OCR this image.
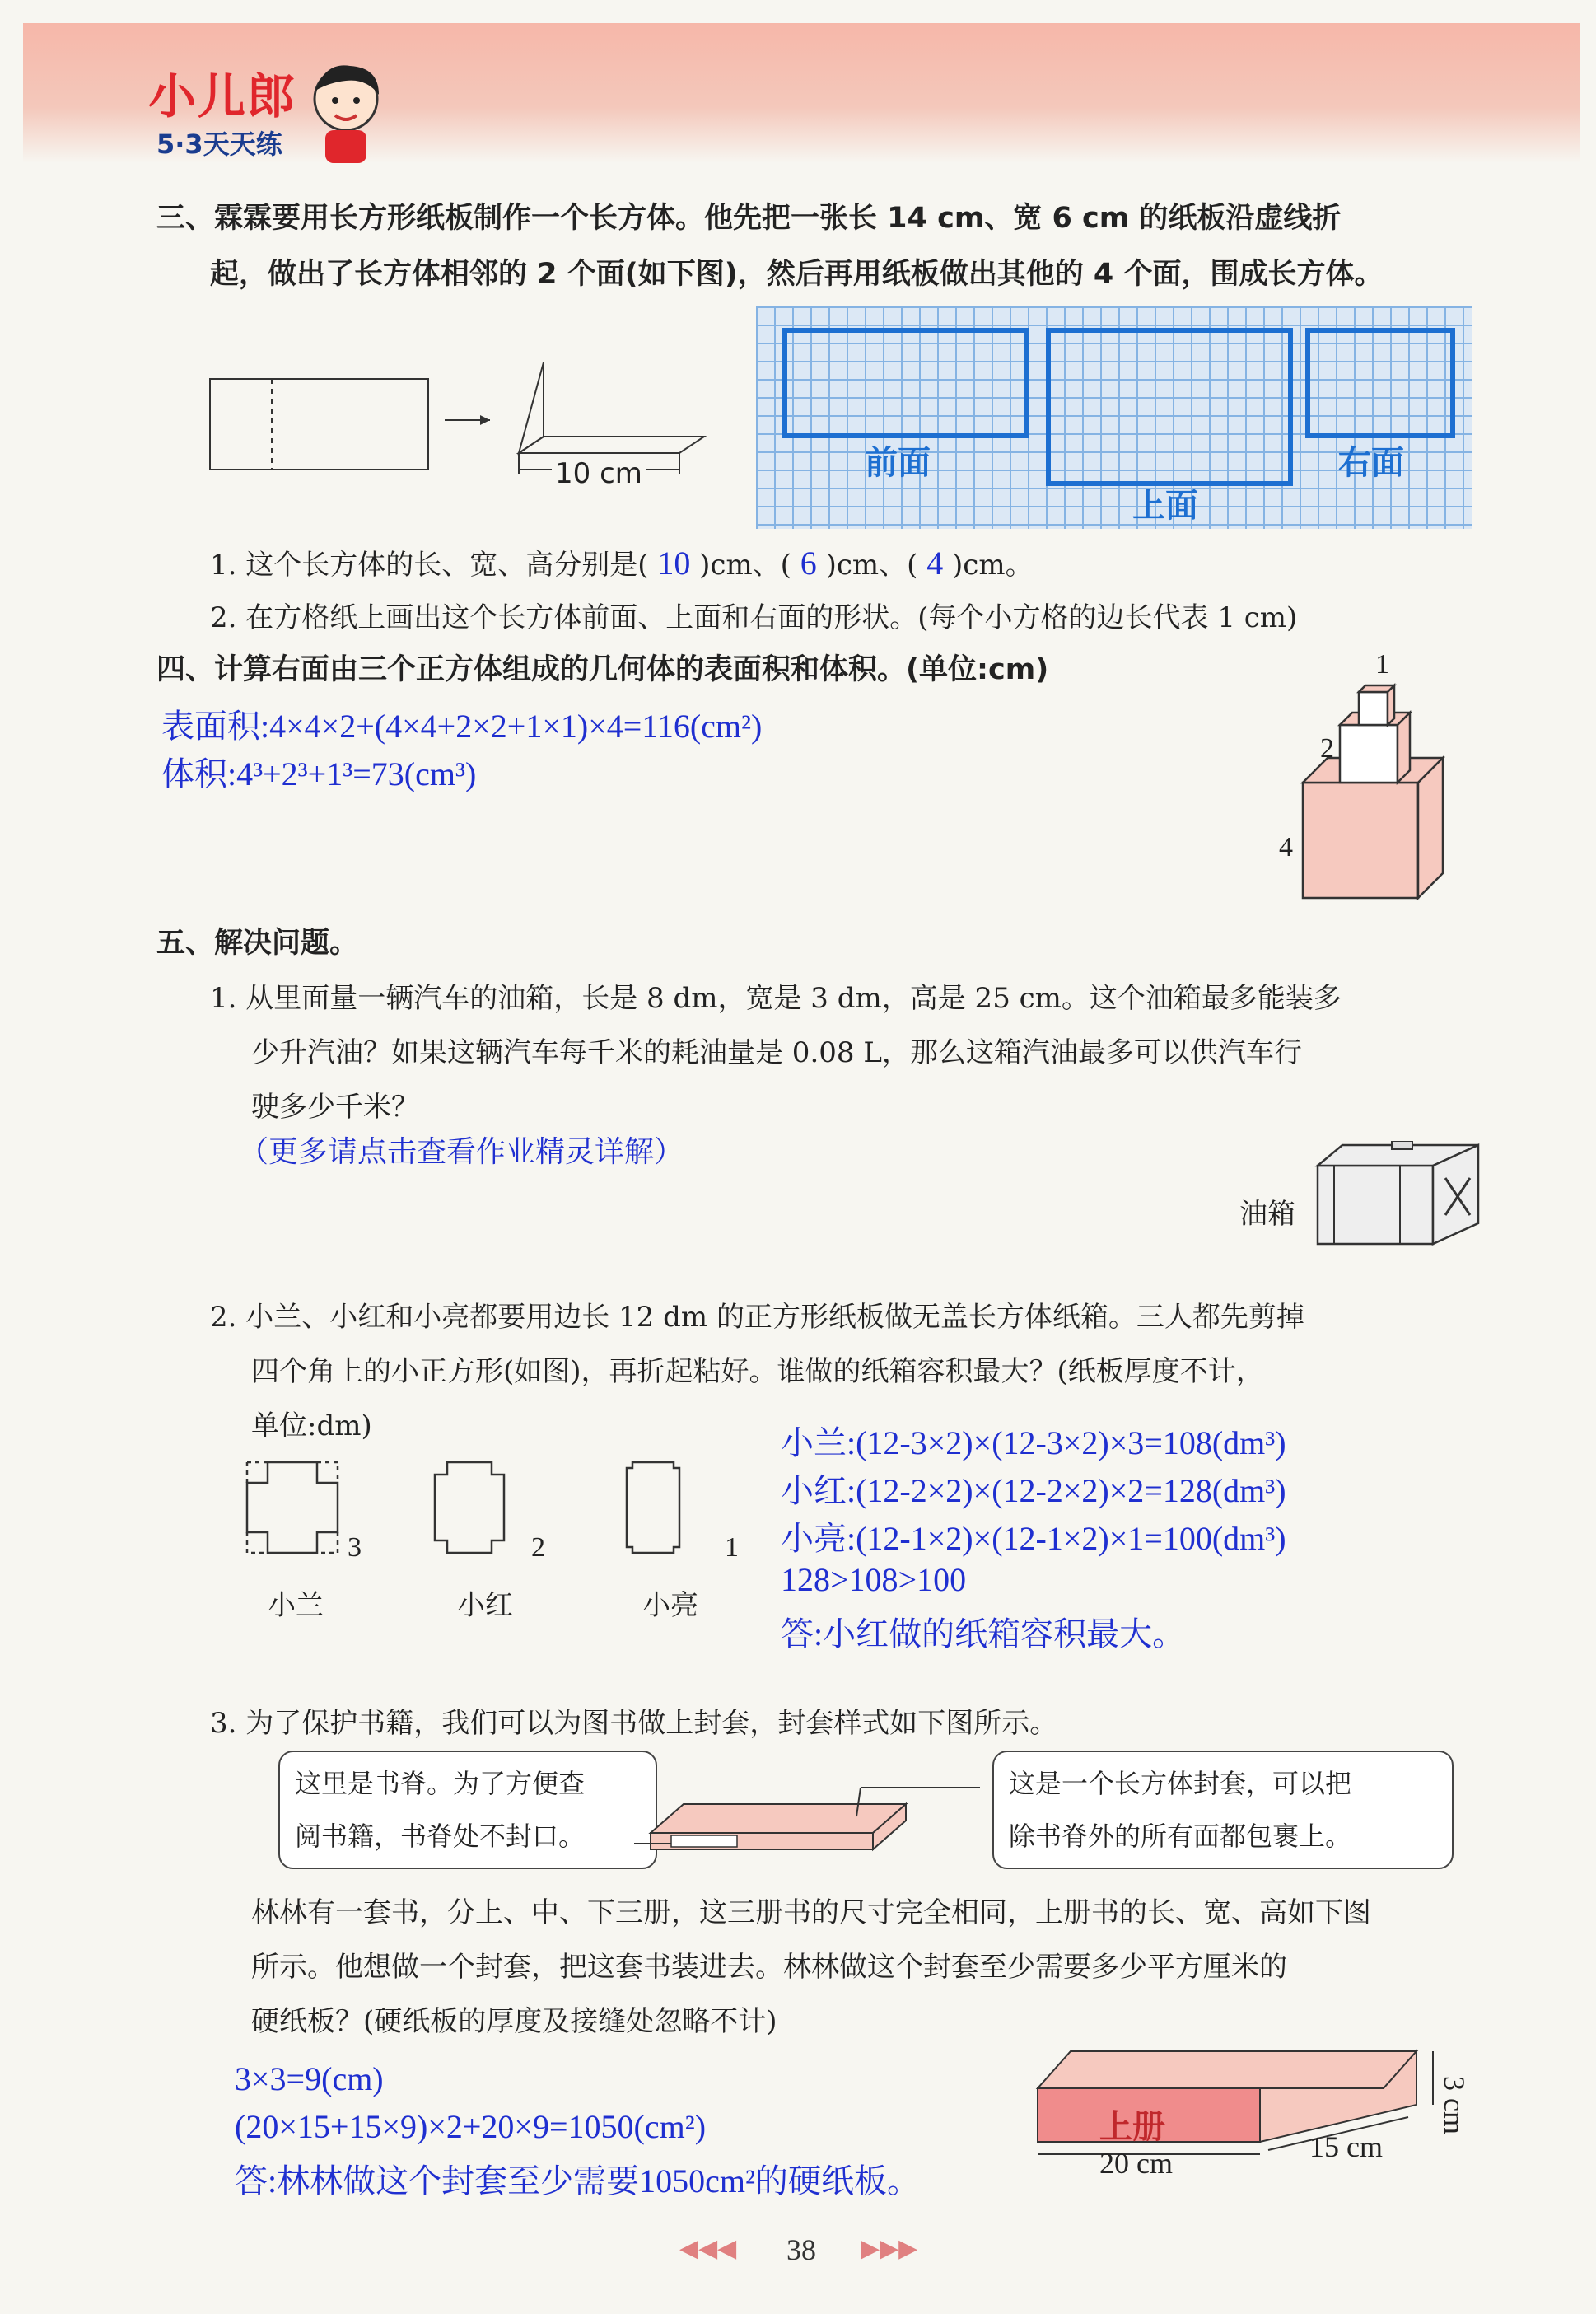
小儿郎
5·3天天练
三、霖霖要用长方形纸板制作一个长方体。他先把一张长 14 cm、宽 6 cm 的纸板沿虚线折
起，做出了长方体相邻的 2 个面(如下图)，然后再用纸板做出其他的 4 个面，围成长方体。
10 cm	前面
上面
右面
1. 这个长方体的长、宽、高分别是( 10 )cm、( 6 )cm、( 4 )cm。
2. 在方格纸上画出这个长方体前面、上面和右面的形状。(每个小方格的边长代表 1 cm)
四、计算右面由三个正方体组成的几何体的表面积和体积。(单位:cm)
表面积:4×4×2+(4×4+2×2+1×1)×4=116(cm²)
体积:4³+2³+1³=73(cm³)
1
2
4
五、解决问题。
1. 从里面量一辆汽车的油箱，长是 8 dm，宽是 3 dm，高是 25 cm。这个油箱最多能装多
少升汽油？如果这辆汽车每千米的耗油量是 0.08 L，那么这箱汽油最多可以供汽车行
驶多少千米？
（更多请点击查看作业精灵详解）
油箱
2. 小兰、小红和小亮都要用边长 12 dm 的正方形纸板做无盖长方体纸箱。三人都先剪掉
四个角上的小正方形(如图)，再折起粘好。谁做的纸箱容积最大？(纸板厚度不计，
单位:dm)
3	2	1
小兰	小红	小亮
小兰:(12-3×2)×(12-3×2)×3=108(dm³)
小红:(12-2×2)×(12-2×2)×2=128(dm³)
小亮:(12-1×2)×(12-1×2)×1=100(dm³)
128>108>100
答:小红做的纸箱容积最大。
3. 为了保护书籍，我们可以为图书做上封套，封套样式如下图所示。
这里是书脊。为了方便查
阅书籍，书脊处不封口。
这是一个长方体封套，可以把
除书脊外的所有面都包裹上。
林林有一套书，分上、中、下三册，这三册书的尺寸完全相同，上册书的长、宽、高如下图
所示。他想做一个封套，把这套书装进去。林林做这个封套至少需要多少平方厘米的
硬纸板？(硬纸板的厚度及接缝处忽略不计)
3×3=9(cm)
(20×15+15×9)×2+20×9=1050(cm²)
答:林林做这个封套至少需要1050cm²的硬纸板。
上册
20 cm	15 cm
3 cm
◀◀◀ 38 ▶▶▶
